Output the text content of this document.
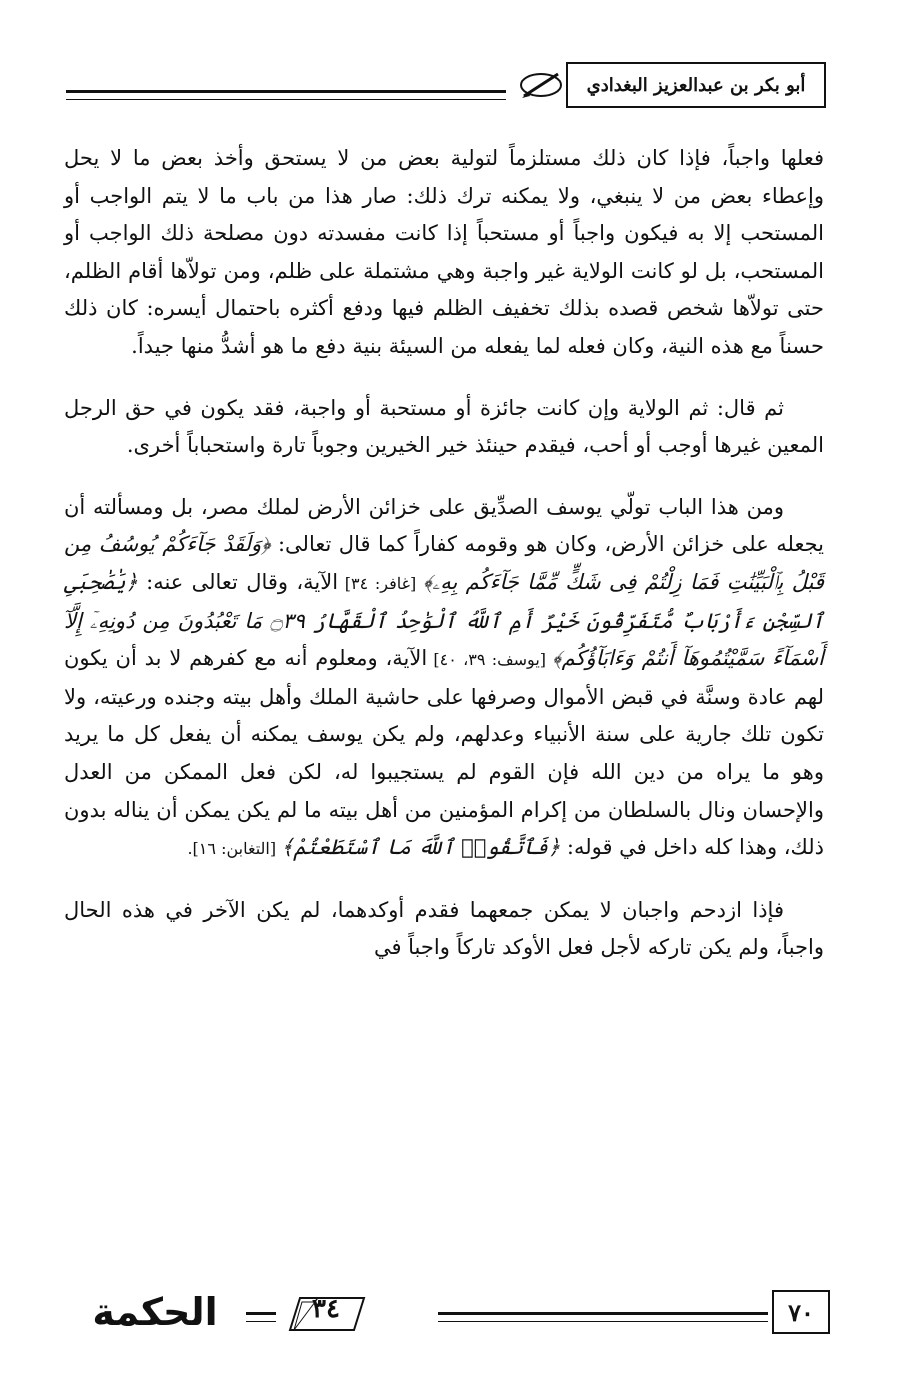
أبو بكر بن عبدالعزيز البغدادي

فعلها واجباً، فإذا كان ذلك مستلزماً لتولية بعض من لا يستحق وأخذ بعض ما لا يحل وإعطاء بعض من لا ينبغي، ولا يمكنه ترك ذلك: صار هذا من باب ما لا يتم الواجب أو المستحب إلا به فيكون واجباً أو مستحباً إذا كانت مفسدته دون مصلحة ذلك الواجب أو المستحب، بل لو كانت الولاية غير واجبة وهي مشتملة على ظلم، ومن تولاّها أقام الظلم، حتى تولاّها شخص قصده بذلك تخفيف الظلم فيها ودفع أكثره باحتمال أيسره: كان ذلك حسناً مع هذه النية، وكان فعله لما يفعله من السيئة بنية دفع ما هو أشدُّ منها جيداً.

ثم قال: ثم الولاية وإن كانت جائزة أو مستحبة أو واجبة، فقد يكون في حق الرجل المعين غيرها أوجب أو أحب، فيقدم حينئذ خير الخيرين وجوباً تارة واستحباباً أخرى.

ومن هذا الباب تولّي يوسف الصدِّيق على خزائن الأرض لملك مصر، بل ومسألته أن يجعله على خزائن الأرض، وكان هو وقومه كفاراً كما قال تعالى: ﴿وَلَقَدْ جَآءَكُمْ يُوسُفُ مِن قَبْلُ بِٱلْبَيِّنَٰتِ فَمَا زِلْتُمْ فِى شَكٍّ مِّمَّا جَآءَكُم بِهِۦ﴾ [غافر: ٣٤] الآية، وقال تعالى عنه: ﴿يَٰصَٰحِبَىِ ٱلسِّجْنِ ءَأَرْبَابٌ مُّتَفَرِّقُونَ خَيْرٌ أَمِ ٱللَّهُ ٱلْوَٰحِدُ ٱلْقَهَّارُ ۝٣٩ مَا تَعْبُدُونَ مِن دُونِهِۦٓ إِلَّآ أَسْمَآءً سَمَّيْتُمُوهَآ أَنتُمْ وَءَابَآؤُكُم﴾ [يوسف: ٣٩، ٤٠] الآية، ومعلوم أنه مع كفرهم لا بد أن يكون لهم عادة وسنَّة في قبض الأموال وصرفها على حاشية الملك وأهل بيته وجنده ورعيته، ولا تكون تلك جارية على سنة الأنبياء وعدلهم، ولم يكن يوسف يمكنه أن يفعل كل ما يريد وهو ما يراه من دين الله فإن القوم لم يستجيبوا له، لكن فعل الممكن من العدل والإحسان ونال بالسلطان من إكرام المؤمنين من أهل بيته ما لم يكن يمكن أن يناله بدون ذلك، وهذا كله داخل في قوله: ﴿فَٱتَّقُوا۟ ٱللَّهَ مَا ٱسْتَطَعْتُمْ﴾ [التغابن: ١٦].

فإذا ازدحم واجبان لا يمكن جمعهما فقدم أوكدهما، لم يكن الآخر في هذه الحال واجباً، ولم يكن تاركه لأجل فعل الأوكد تاركاً واجباً في

الحكمة	٣٤	٧٠
